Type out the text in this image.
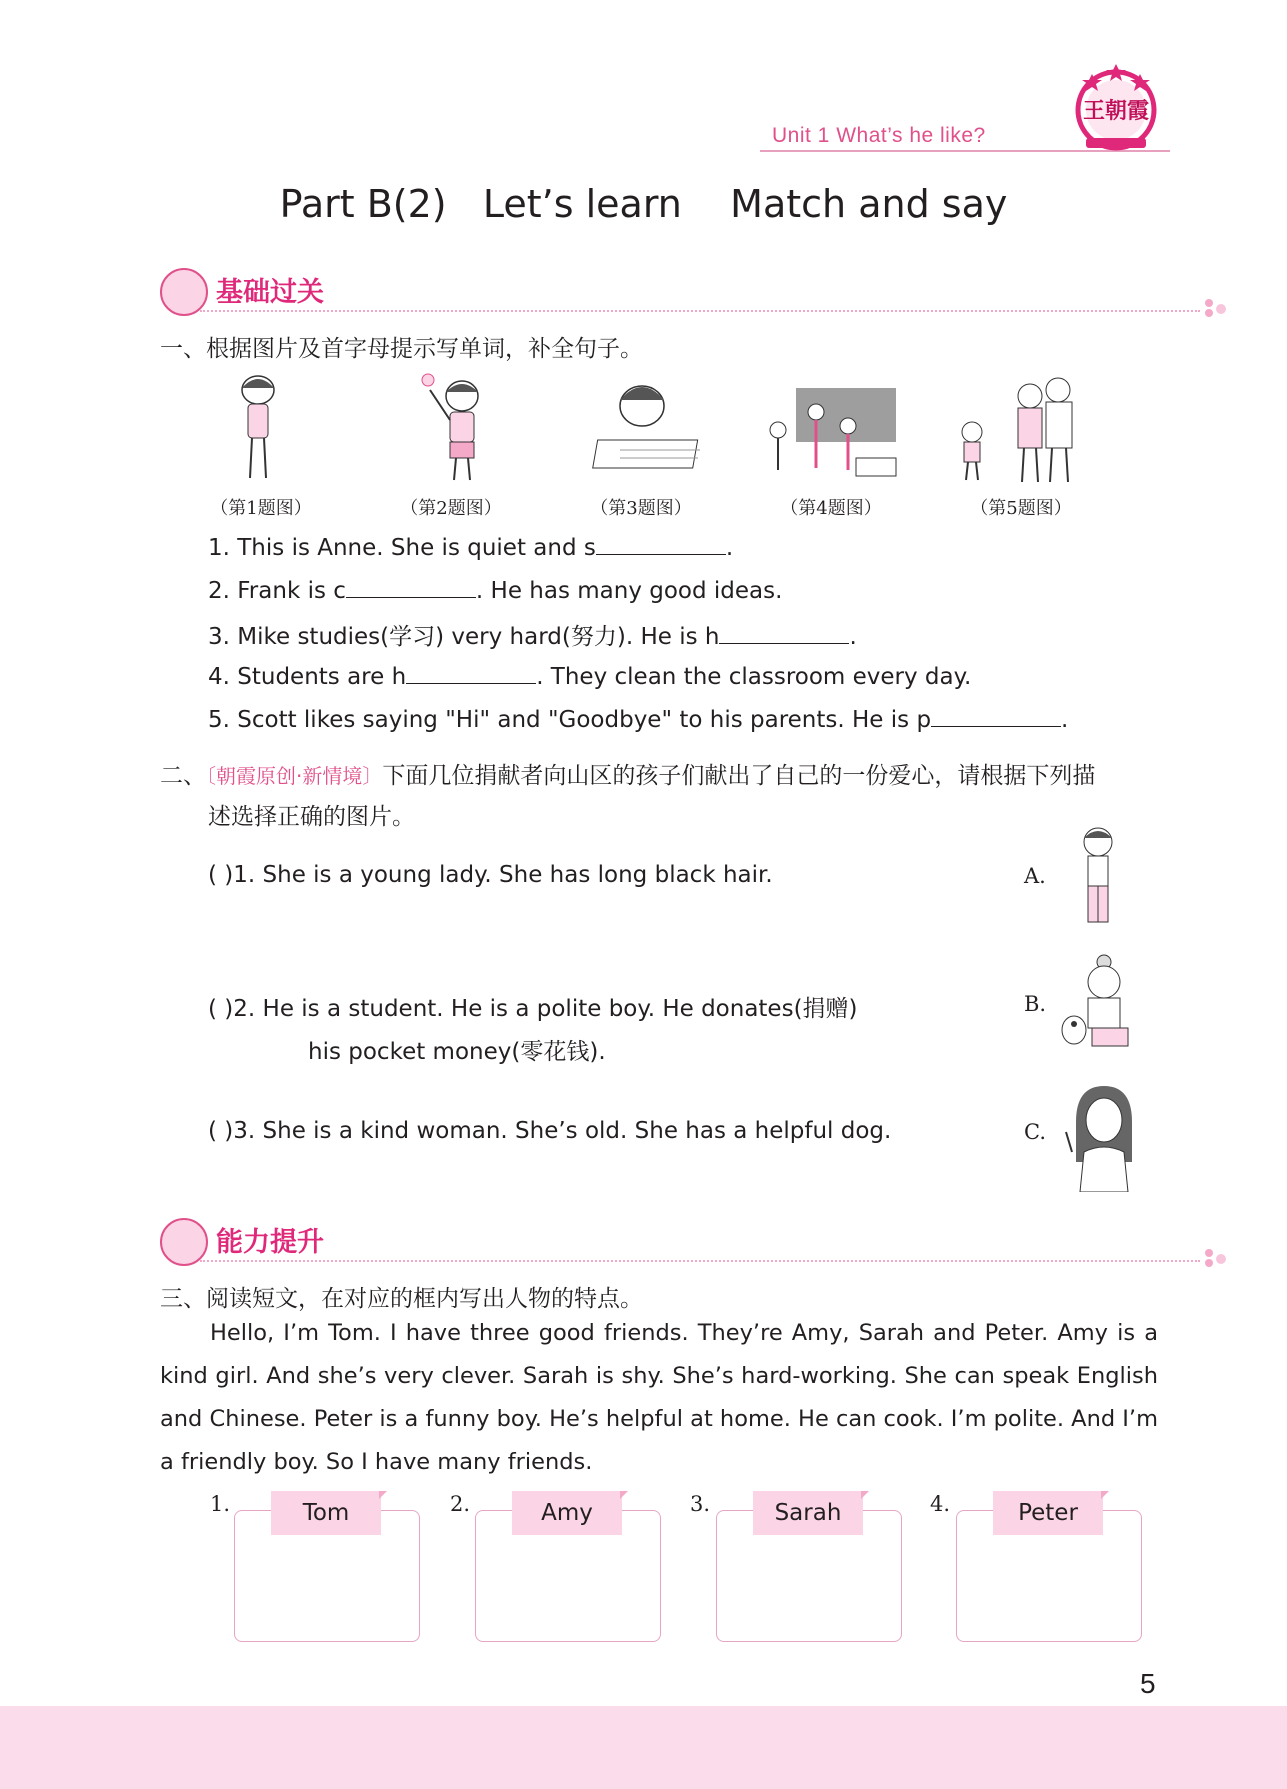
Unit 1 What’s he like?
王朝霞
Part B(2)   Let’s learn    Match and say
基础过关
一、根据图片及首字母提示写单词，补全句子。
（第1题图）	（第2题图）	（第3题图）	（第4题图）	（第5题图）
1. This is Anne. She is quiet and s	.
2. Frank is c	. He has many good ideas.
3. Mike studies(学习) very hard(努力). He is h	.
4. Students are h	. They clean the classroom every day.
5. Scott likes saying "Hi" and "Goodbye" to his parents. He is p	.
二、〔朝霞原创·新情境〕下面几位捐献者向山区的孩子们献出了自己的一份爱心，请根据下列描
述选择正确的图片。
( )1. She is a young lady. She has long black hair.
( )2. He is a student. He is a polite boy. He donates(捐赠)
his pocket money(零花钱).
( )3. She is a kind woman. She’s old. She has a helpful dog.
A.
B.
C.
能力提升
三、阅读短文，在对应的框内写出人物的特点。
Hello, I’m Tom. I have three good friends. They’re Amy, Sarah and Peter. Amy is a kind girl. And she’s very clever. Sarah is shy. She’s hard-working. She can speak English and Chinese. Peter is a funny boy. He’s helpful at home. He can cook. I’m polite. And I’m a friendly boy. So I have many friends.
1.	Tom	2.	Amy	3.	Sarah	4.	Peter
5
